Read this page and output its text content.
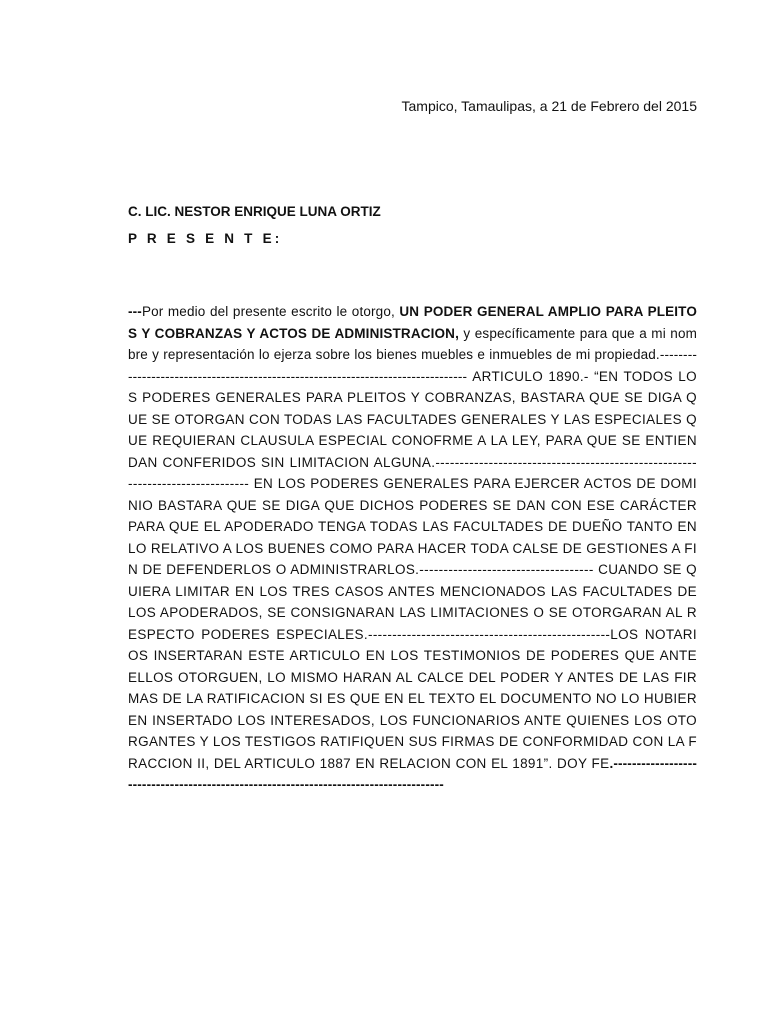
Tampico, Tamaulipas, a 21 de Febrero del 2015
C. LIC. NESTOR ENRIQUE LUNA ORTIZ
P R E S E N T E:
---Por medio del presente escrito le otorgo, UN PODER GENERAL AMPLIO PARA PLEITOS Y COBRANZAS Y ACTOS DE ADMINISTRACION, y específicamente para que a mi nombre y representación lo ejerza sobre los bienes muebles e inmuebles de mi propiedad.--------------------------------------------------------------------------------- ARTICULO 1890.- “EN TODOS LOS PODERES GENERALES PARA PLEITOS Y COBRANZAS, BASTARA QUE SE DIGA QUE SE OTORGAN CON TODAS LAS FACULTADES GENERALES Y LAS ESPECIALES QUE REQUIERAN CLAUSULA ESPECIAL CONOFRME A LA LEY, PARA QUE SE ENTIENDAN CONFERIDOS SIN LIMITACION ALGUNA.------------------------------------------------------------------------------- EN LOS PODERES GENERALES PARA EJERCER ACTOS DE DOMINIO BASTARA QUE SE DIGA QUE DICHOS PODERES SE DAN CON ESE CARÁCTER PARA QUE EL APODERADO TENGA TODAS LAS FACULTADES DE DUEÑO TANTO EN LO RELATIVO A LOS BUENES COMO PARA HACER TODA CALSE DE GESTIONES A FIN DE DEFENDERLOS O ADMINISTRARLOS.------------------------------------ CUANDO SE QUIERA LIMITAR EN LOS TRES CASOS ANTES MENCIONADOS LAS FACULTADES DE LOS APODERADOS, SE CONSIGNARAN LAS LIMITACIONES O SE OTORGARAN AL RESPECTO PODERES ESPECIALES.--------------------------------------------------LOS NOTARIOS INSERTARAN ESTE ARTICULO EN LOS TESTIMONIOS DE PODERES QUE ANTE ELLOS OTORGUEN, LO MISMO HARAN AL CALCE DEL PODER Y ANTES DE LAS FIRMAS DE LA RATIFICACION SI ES QUE EN EL TEXTO EL DOCUMENTO NO LO HUBIEREN INSERTADO LOS INTERESADOS, LOS FUNCIONARIOS ANTE QUIENES LOS OTORGANTES Y LOS TESTIGOS RATIFIQUEN SUS FIRMAS DE CONFORMIDAD CON LA FRACCION II, DEL ARTICULO 1887 EN RELACION CON EL 1891”. DOY FE.--------------------------------------------------------------------------------------
